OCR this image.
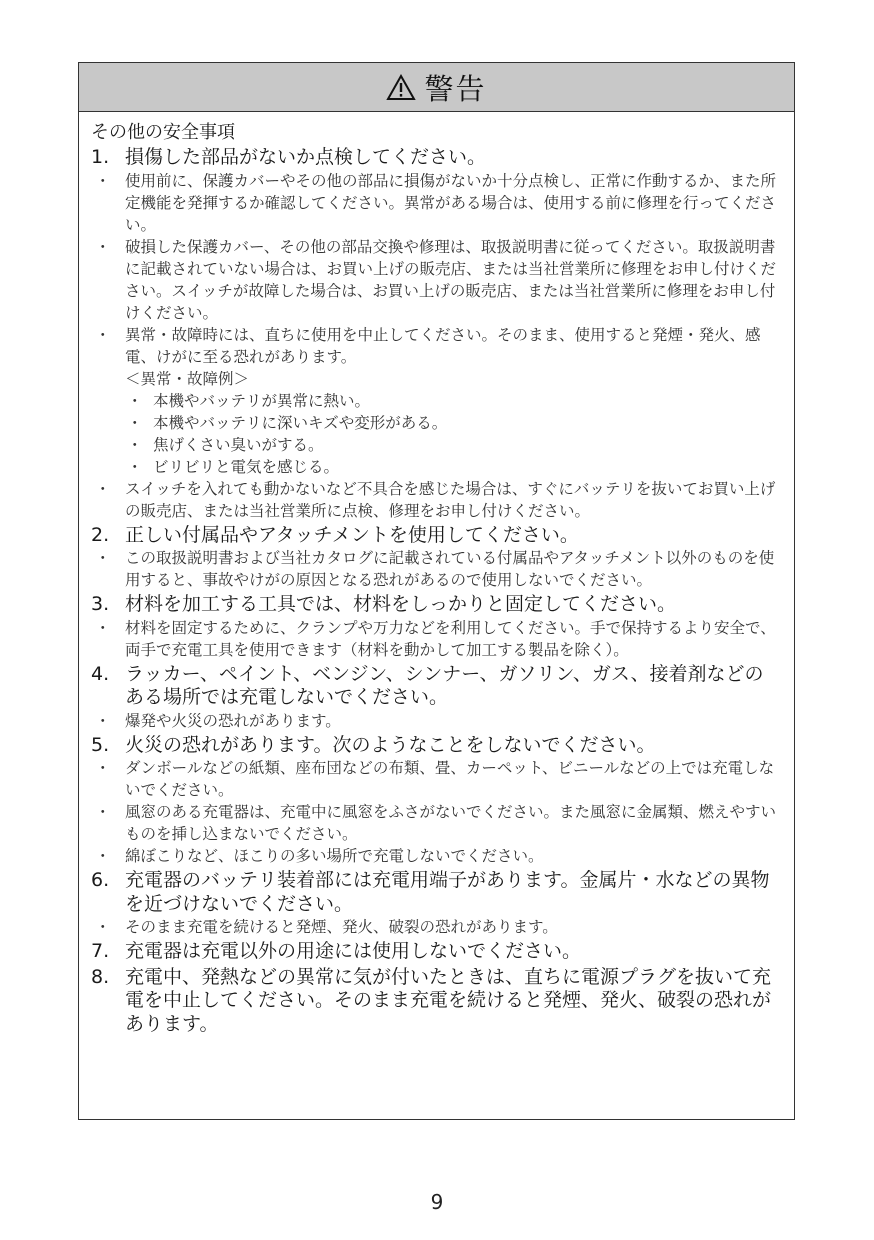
警告
その他の安全事項
1. 損傷した部品がないか点検してください。
・ 使用前に、保護カバーやその他の部品に損傷がないか十分点検し、正常に作動するか、また所定機能を発揮するか確認してください。異常がある場合は、使用する前に修理を行ってください。
・ 破損した保護カバー、その他の部品交換や修理は、取扱説明書に従ってください。取扱説明書に記載されていない場合は、お買い上げの販売店、または当社営業所に修理をお申し付けください。スイッチが故障した場合は、お買い上げの販売店、または当社営業所に修理をお申し付けください。
・ 異常・故障時には、直ちに使用を中止してください。そのまま、使用すると発煙・発火、感電、けがに至る恐れがあります。
＜異常・故障例＞
・ 本機やバッテリが異常に熱い。
・ 本機やバッテリに深いキズや変形がある。
・ 焦げくさい臭いがする。
・ ビリビリと電気を感じる。
・ スイッチを入れても動かないなど不具合を感じた場合は、すぐにバッテリを抜いてお買い上げの販売店、または当社営業所に点検、修理をお申し付けください。
2. 正しい付属品やアタッチメントを使用してください。
・ この取扱説明書および当社カタログに記載されている付属品やアタッチメント以外のものを使用すると、事故やけがの原因となる恐れがあるので使用しないでください。
3. 材料を加工する工具では、材料をしっかりと固定してください。
・ 材料を固定するために、クランプや万力などを利用してください。手で保持するより安全で、両手で充電工具を使用できます（材料を動かして加工する製品を除く）。
4. ラッカー、ペイント、ベンジン、シンナー、ガソリン、ガス、接着剤などのある場所では充電しないでください。
・ 爆発や火災の恐れがあります。
5. 火災の恐れがあります。次のようなことをしないでください。
・ ダンボールなどの紙類、座布団などの布類、畳、カーペット、ビニールなどの上では充電しないでください。
・ 風窓のある充電器は、充電中に風窓をふさがないでください。また風窓に金属類、燃えやすいものを挿し込まないでください。
・ 綿ぼこりなど、ほこりの多い場所で充電しないでください。
6. 充電器のバッテリ装着部には充電用端子があります。金属片・水などの異物を近づけないでください。
・ そのまま充電を続けると発煙、発火、破裂の恐れがあります。
7. 充電器は充電以外の用途には使用しないでください。
8. 充電中、発熱などの異常に気が付いたときは、直ちに電源プラグを抜いて充電を中止してください。そのまま充電を続けると発煙、発火、破裂の恐れがあります。
9
